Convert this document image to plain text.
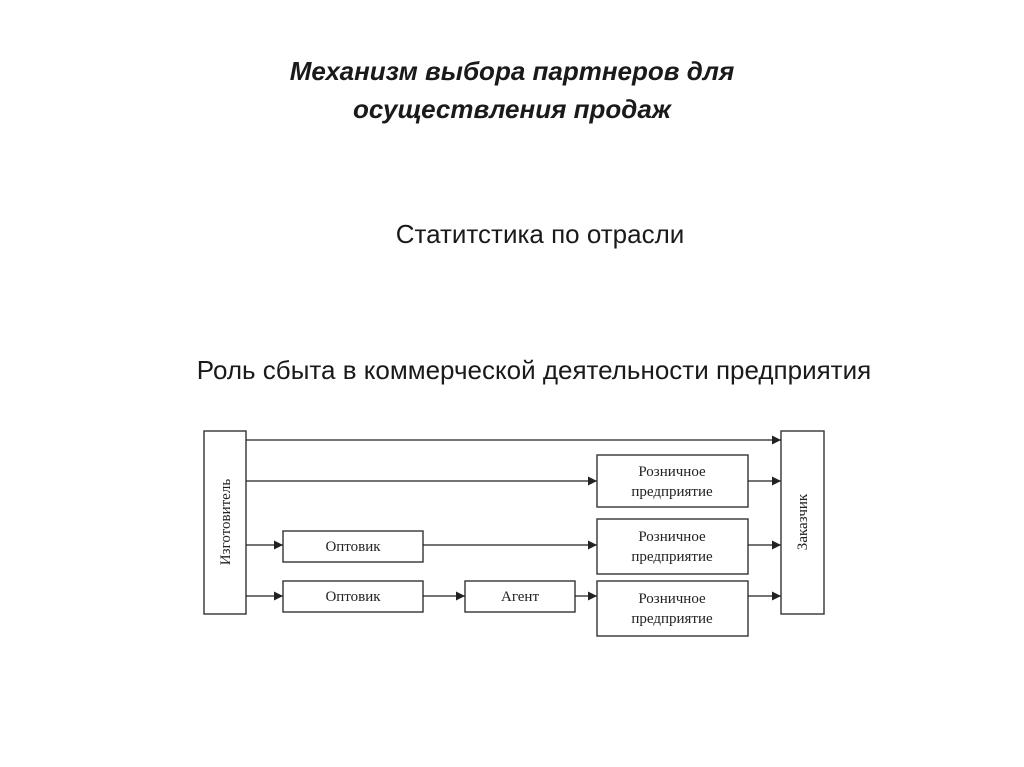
Механизм выбора партнеров для
осуществления продаж

Статитстика по отрасли

Роль сбыта в коммерческой деятельности предприятия

Изготовитель	Заказчик
Розничное
предприятие
Розничное
предприятие
Розничное
предприятие
Оптовик
Оптовик	Агент
